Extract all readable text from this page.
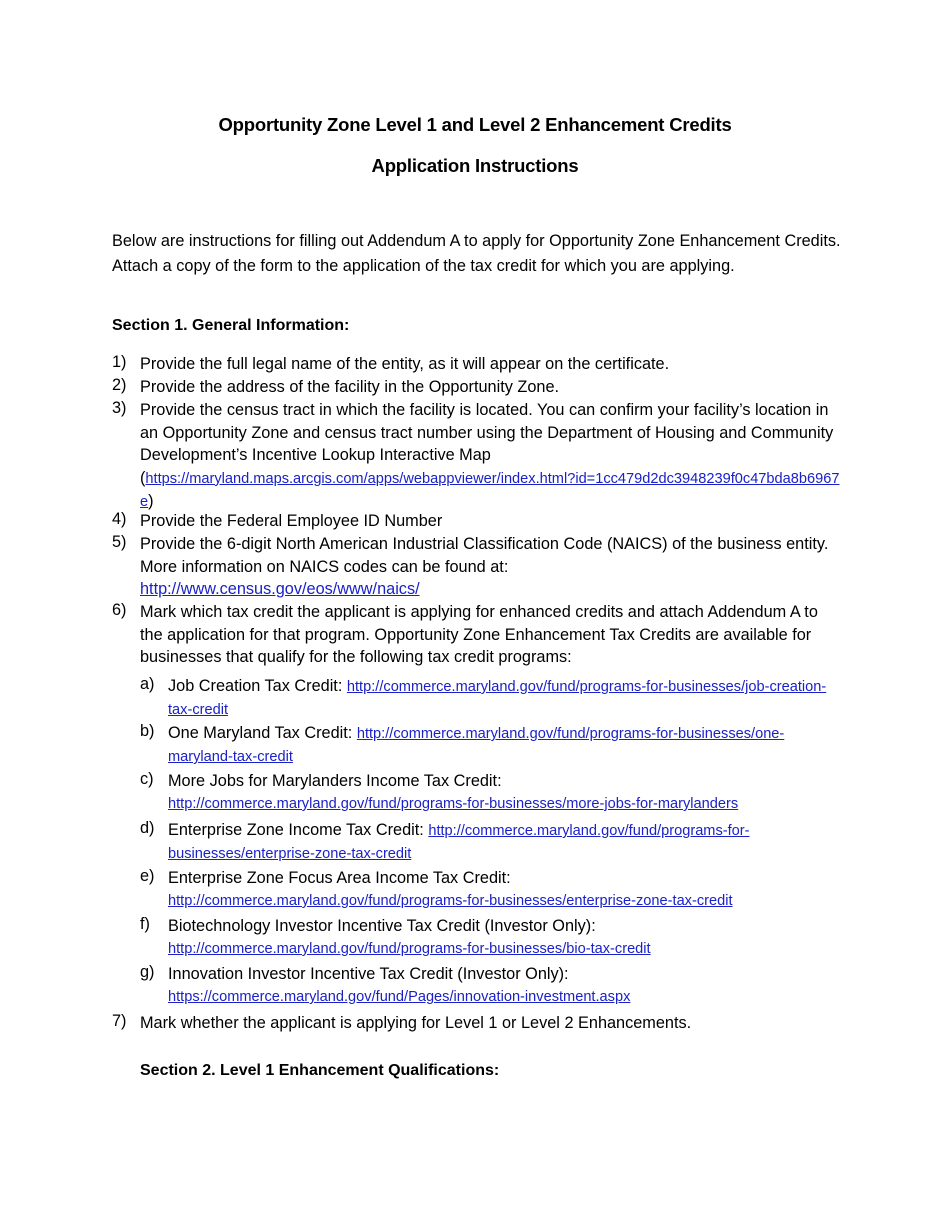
Opportunity Zone Level 1 and Level 2 Enhancement Credits
Application Instructions
Below are instructions for filling out Addendum A to apply for Opportunity Zone Enhancement Credits. Attach a copy of the form to the application of the tax credit for which you are applying.
Section 1. General Information:
1) Provide the full legal name of the entity, as it will appear on the certificate.
2) Provide the address of the facility in the Opportunity Zone.
3) Provide the census tract in which the facility is located. You can confirm your facility’s location in an Opportunity Zone and census tract number using the Department of Housing and Community Development’s Incentive Lookup Interactive Map
(https://maryland.maps.arcgis.com/apps/webappviewer/index.html?id=1cc479d2dc3948239f0c47bda8b6967e)
4) Provide the Federal Employee ID Number
5) Provide the 6-digit North American Industrial Classification Code (NAICS) of the business entity. More information on NAICS codes can be found at:
http://www.census.gov/eos/www/naics/
6) Mark which tax credit the applicant is applying for enhanced credits and attach Addendum A to the application for that program. Opportunity Zone Enhancement Tax Credits are available for businesses that qualify for the following tax credit programs:
a) Job Creation Tax Credit: http://commerce.maryland.gov/fund/programs-for-businesses/job-creation-tax-credit
b) One Maryland Tax Credit: http://commerce.maryland.gov/fund/programs-for-businesses/one-maryland-tax-credit
c) More Jobs for Marylanders Income Tax Credit:
http://commerce.maryland.gov/fund/programs-for-businesses/more-jobs-for-marylanders
d) Enterprise Zone Income Tax Credit: http://commerce.maryland.gov/fund/programs-for-businesses/enterprise-zone-tax-credit
e) Enterprise Zone Focus Area Income Tax Credit:
http://commerce.maryland.gov/fund/programs-for-businesses/enterprise-zone-tax-credit
f) Biotechnology Investor Incentive Tax Credit (Investor Only):
http://commerce.maryland.gov/fund/programs-for-businesses/bio-tax-credit
g) Innovation Investor Incentive Tax Credit (Investor Only):
https://commerce.maryland.gov/fund/Pages/innovation-investment.aspx
7) Mark whether the applicant is applying for Level 1 or Level 2 Enhancements.
Section 2. Level 1 Enhancement Qualifications:
